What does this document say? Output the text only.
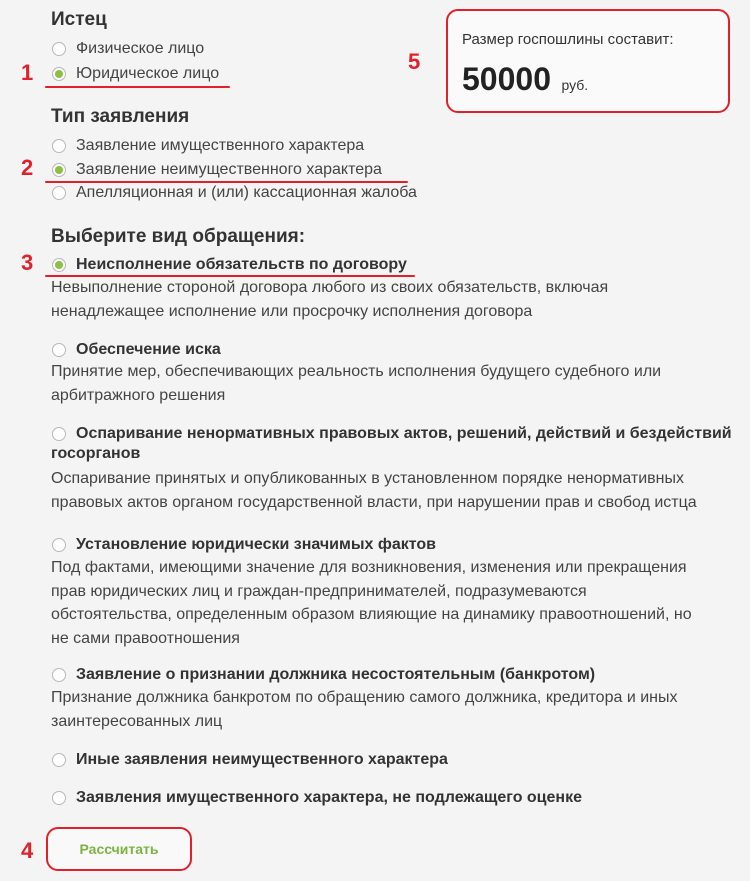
Истец
Физическое лицо
Юридическое лицо
Тип заявления
Заявление имущественного характера
Заявление неимущественного характера
Апелляционная и (или) кассационная жалоба
Выберите вид обращения:
Неисполнение обязательств по договору
Невыполнение стороной договора любого из своих обязательств, включая
ненадлежащее исполнение или просрочку исполнения договора
Обеспечение иска
Принятие мер, обеспечивающих реальность исполнения будущего судебного или
арбитражного решения
Оспаривание ненормативных правовых актов, решений, действий и бездействий
госорганов
Оспаривание принятых и опубликованных в установленном порядке ненормативных
правовых актов органом государственной власти, при нарушении прав и свобод истца
Установление юридически значимых фактов
Под фактами, имеющими значение для возникновения, изменения или прекращения
прав юридических лиц и граждан-предпринимателей, подразумеваются
обстоятельства, определенным образом влияющие на динамику правоотношений, но
не сами правоотношения
Заявление о признании должника несостоятельным (банкротом)
Признание должника банкротом по обращению самого должника, кредитора и иных
заинтересованных лиц
Иные заявления неимущественного характера
Заявления имущественного характера, не подлежащего оценке
Размер госпошлины составит:
50000 руб.
Рассчитать
1
2
3
4
5
